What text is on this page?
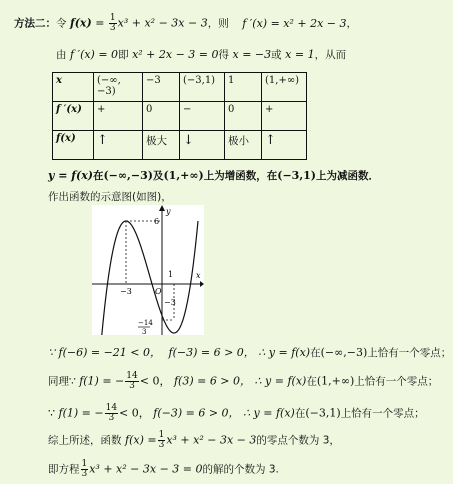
方法二：令 $f(x) = \frac{1}{3} x^3 + x^2 - 3x - 3$，则 f ′(x) = x² + 2x − 3，
由 f ′(x) = 0即 x² + 2x − 3 = 0得 x = −3或 x = 1，从而
x	(−∞,−3)	−3	(−3,1)	1	(1,+∞)
f ′(x)	+	0	−	0	+
f(x)	↑	极大	↓	极小	↑
y = f(x)在(−∞,−3)及(1,+∞)上为增函数，在(−3,1)上为减函数．
作出函数的示意图(如图)，
y
x
6
−3	O
1
−3
−14
3
∵ f(−6) = −21 < 0， f(−3) = 6 > 0， ∴ y = f(x)在(−∞,−3)上恰有一个零点；
同理∵ f(1) = − $\frac{14}{3} < 0$， f(3) = 6 > 0， ∴ y = f(x)在(1,+∞)上恰有一个零点；
∵ f(1) = − $\frac{14}{3} < 0$， f(−3) = 6 > 0， ∴ y = f(x)在(−3,1)上恰有一个零点；
综上所述，函数 $f(x) = \frac{1}{3} x^3 + x^2 - 3x - 3$的零点个数为 3，
即方程 $\frac{1}{3} x^3 + x^2 - 3x - 3 = 0$的解的个数为 3.
